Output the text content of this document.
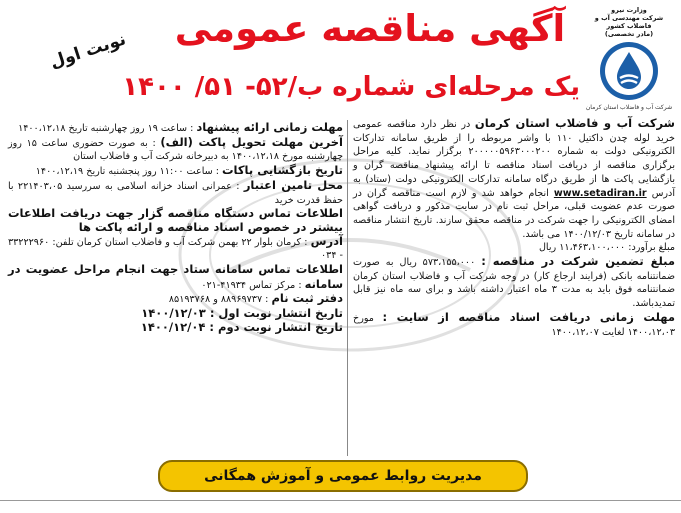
وزارت نیرو
شرکت مهندسی آب و فاضلاب کشور
(مادر تخصصی)
شرکت آب و فاضلاب استان کرمان
آگهی مناقصه عمومی
یک مرحله‌ای شماره ب/۵۲- ۵۱/ ۱۴۰۰
نوبت اول
شرکت آب و فاضلاب استان کرمان در نظر دارد مناقصه عمومی خرید لوله چدن داکتیل ۱۱۰ با واشر مربوطه را از طریق سامانه تدارکات الکترونیکی دولت به شماره ۲۰۰۰۰۰۵۹۶۳۰۰۰۲۰۰ برگزار نماید. کلیه مراحل برگزاری مناقصه از دریافت اسناد مناقصه تا ارائه پیشنهاد مناقصه گران و بازگشایی پاکت ها از طریق درگاه سامانه تدارکات الکترونیکی دولت (ستاد) به آدرس www.setadiran.ir انجام خواهد شد و لازم است مناقصه گران در صورت عدم عضویت قبلی، مراحل ثبت نام در سایت مذکور و دریافت گواهی امضای الکترونیکی را جهت شرکت در مناقصه محقق سازند. تاریخ انتشار مناقصه در سامانه تاریخ ۱۴۰۰/۱۲/۰۳ می باشد.
مبلغ برآورد: ۱۱،۴۶۳،۱۰۰،۰۰۰ ریال
مبلغ تضمین شرکت در مناقصه : ۵۷۳،۱۵۵،۰۰۰ ریال به صورت ضمانتنامه بانکی (فرایند ارجاع کار) در وجه شرکت آب و فاضلاب استان کرمان ضمانتنامه فوق باید به مدت ۳ ماه اعتبار داشته باشد و برای سه ماه نیز قابل تمدیدباشد.
مهلت زمانی دریافت اسناد مناقصه از سایت : مورخ ۱۴۰۰،۱۲،۰۳ لغایت ۱۴۰۰،۱۲،۰۷
مهلت زمانی ارائه پیشنهاد : ساعت ۱۹ روز چهارشنبه تاریخ ۱۴۰۰،۱۲،۱۸
آخرین مهلت تحویل پاکت (الف) : به صورت حضوری ساعت ۱۵ روز چهارشنبه مورخ ۱۴۰۰،۱۲،۱۸ به دبیرخانه شرکت آب و فاضلاب استان
تاریخ بازگشایی پاکات : ساعت ۱۱:۰۰ روز پنجشنبه تاریخ ۱۴۰۰،۱۲،۱۹
محل تامین اعتبار : عمرانی اسناد خزانه اسلامی به سررسید ۲۲۱۴۰۳،۰۵ با حفظ قدرت خرید
اطلاعات تماس دستگاه مناقصه گزار جهت دریافت اطلاعات بیشتر در خصوص اسناد مناقصه و ارائه پاکت ها
آدرس : کرمان بلوار ۲۲ بهمن شرکت آب و فاضلاب استان کرمان تلفن: ۳۳۲۲۲۹۶۰ - ۰۳۴
اطلاعات تماس سامانه ستاد جهت انجام مراحل عضویت در سامانه : مرکز تماس ۴۱۹۳۴-۰۲۱
دفتر ثبت نام : ۸۸۹۶۹۷۳۷ و ۸۵۱۹۳۷۶۸
تاریخ انتشار نوبت اول : ۱۴۰۰/۱۲/۰۳
تاریخ انتشار نوبت دوم : ۱۴۰۰/۱۲/۰۴
مدیریت روابط عمومی و آموزش همگانی
